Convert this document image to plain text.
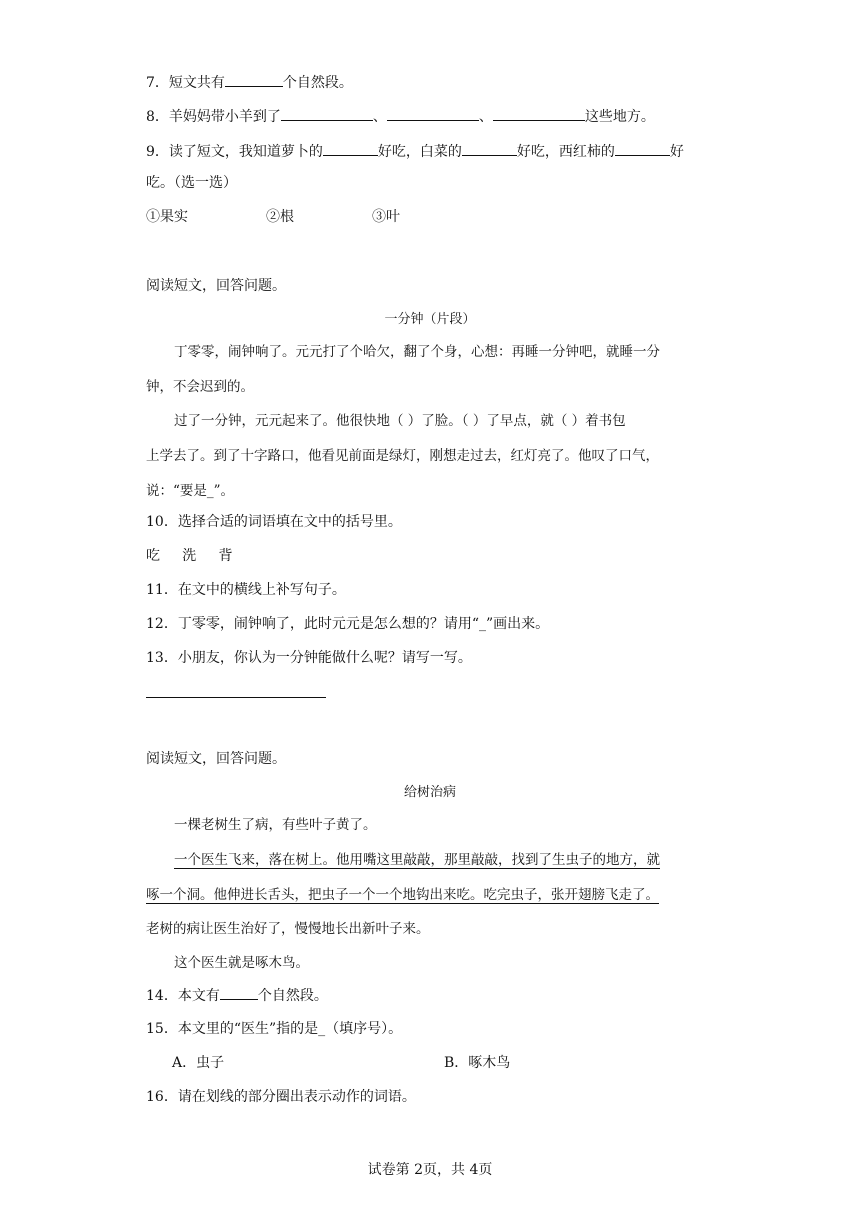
7．短文共有	个自然段。
8．羊妈妈带小羊到了	、	、	这些地方。
9．读了短文，我知道萝卜的	好吃，白菜的	好吃，西红柿的	好
吃。（选一选）
①果实	②根	③叶
阅读短文，回答问题。
一分钟（片段）
丁零零，闹钟响了。元元打了个哈欠，翻了个身，心想：再睡一分钟吧，就睡一分
钟，不会迟到的。
过了一分钟，元元起来了。他很快地（ ）了脸。（ ）了早点，就（ ）着书包
上学去了。到了十字路口，他看见前面是绿灯，刚想走过去，红灯亮了。他叹了口气，
说：“要是_”。
10．选择合适的词语填在文中的括号里。
吃     洗     背
11．在文中的横线上补写句子。
12．丁零零，闹钟响了，此时元元是怎么想的？请用“_”画出来。
13．小朋友，你认为一分钟能做什么呢？请写一写。
阅读短文，回答问题。
给树治病
一棵老树生了病，有些叶子黄了。
一个医生飞来，落在树上。他用嘴这里敲敲，那里敲敲，找到了生虫子的地方，就
啄一个洞。他伸进长舌头，把虫子一个一个地钩出来吃。吃完虫子，张开翅膀飞走了。
老树的病让医生治好了，慢慢地长出新叶子来。
这个医生就是啄木鸟。
14．本文有	个自然段。
15．本文里的“医生”指的是_（填序号）。
A．虫子	B．啄木鸟
16．请在划线的部分圈出表示动作的词语。
试卷第 2页，共 4页
